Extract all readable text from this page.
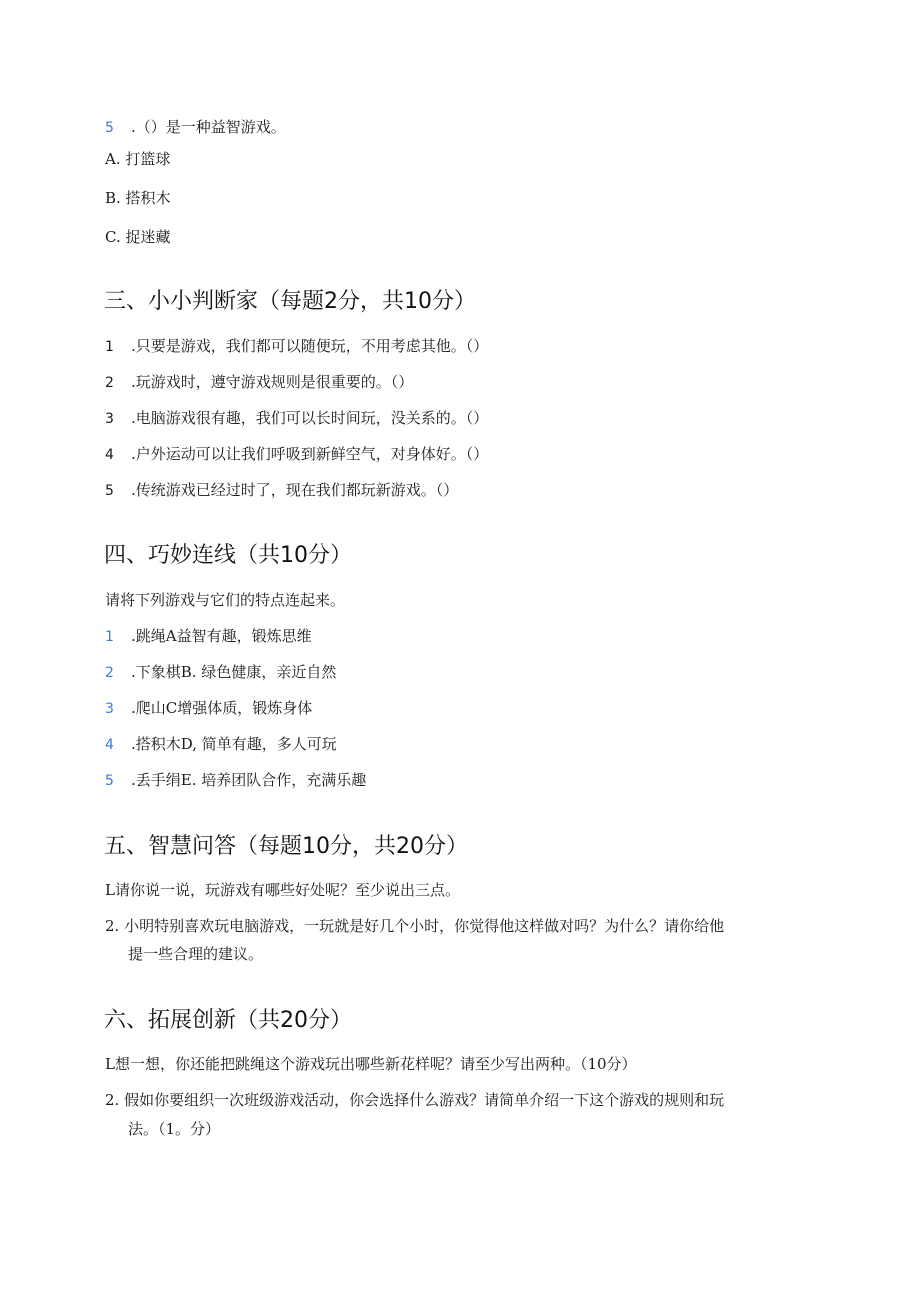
5 .（）是一种益智游戏。
A. 打篮球
B. 搭积木
C. 捉迷藏
三、小小判断家（每题2分，共10分）
1 .只要是游戏，我们都可以随便玩，不用考虑其他。（）
2 .玩游戏时，遵守游戏规则是很重要的。（）
3 .电脑游戏很有趣，我们可以长时间玩，没关系的。（）
4 .户外运动可以让我们呼吸到新鲜空气，对身体好。（）
5 .传统游戏已经过时了，现在我们都玩新游戏。（）
四、巧妙连线（共10分）
请将下列游戏与它们的特点连起来。
1 .跳绳A益智有趣，锻炼思维
2 .下象棋B. 绿色健康，亲近自然
3 .爬山C增强体质，锻炼身体
4 .搭积木D, 简单有趣，多人可玩
5 .丢手绢E. 培养团队合作，充满乐趣
五、智慧问答（每题10分，共20分）
L请你说一说，玩游戏有哪些好处呢？至少说出三点。
2. 小明特别喜欢玩电脑游戏，一玩就是好几个小时，你觉得他这样做对吗？为什么？请你给他
提一些合理的建议。
六、拓展创新（共20分）
L想一想，你还能把跳绳这个游戏玩出哪些新花样呢？请至少写出两种。（10分）
2. 假如你要组织一次班级游戏活动，你会选择什么游戏？请简单介绍一下这个游戏的规则和玩
法。（1。分）
